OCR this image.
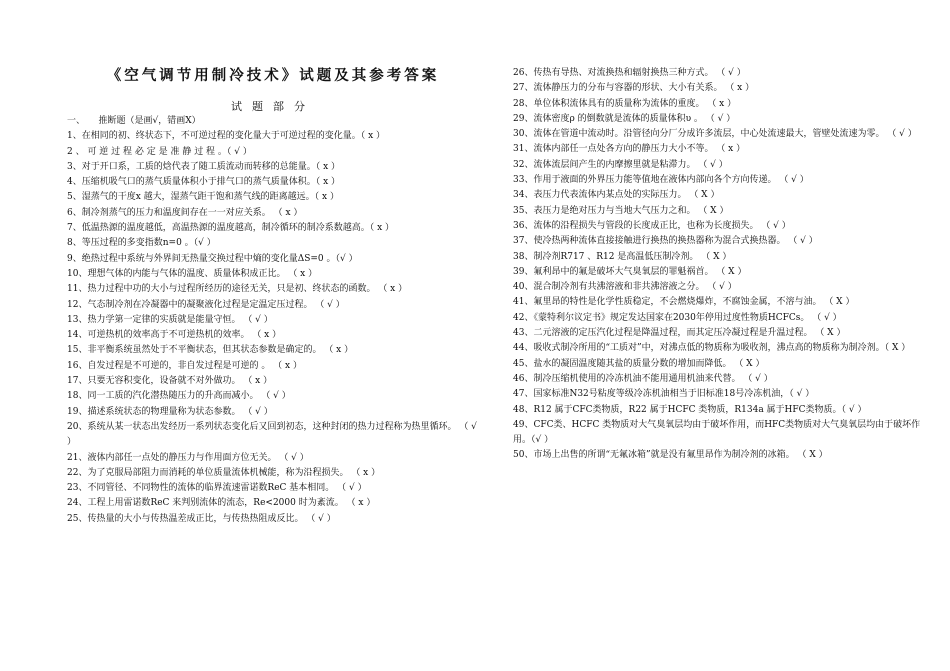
《空气调节用制冷技术》试题及其参考答案
试题部分
一、　　推断题（是画√，错画X）
1、在相同的初、终状态下，不可逆过程的变化量大于可逆过程的变化量。（ x ）
2 、 可 逆 过 程 必 定 是 准 静 过 程 。（ √ ）
3、对于开口系，工质的焓代表了随工质流动而转移的总能量。（ x ）
4、压缩机吸气口的蒸气质量体积小于排气口的蒸气质量体积。（ x ）
5、湿蒸气的干度x 越大，湿蒸气距干饱和蒸气线的距离越远。（ x ）
6、制冷剂蒸气的压力和温度间存在一一对应关系。 （ x ）
7、低温热源的温度越低，高温热源的温度越高，制冷循环的制冷系数越高。（ x ）
8、等压过程的多变指数n=0 。（√ ）
9、绝热过程中系统与外界间无热量交换过程中熵的变化量ΔS=0 。（√ ）
10、理想气体的内能与气体的温度、质量体积成正比。 （ x ）
11、热力过程中功的大小与过程所经历的途径无关，只是初、终状态的函数。 （ x ）
12、气态制冷剂在冷凝器中的凝聚液化过程是定温定压过程。 （ √ ）
13、热力学第一定律的实质就是能量守恒。 （ √ ）
14、可逆热机的效率高于不可逆热机的效率。 （ x ）
15、非平衡系统虽然处于不平衡状态，但其状态参数是确定的。 （ x ）
16、自发过程是不可逆的，非自发过程是可逆的 。 （ x ）
17、只要无容积变化，设备就不对外做功。 （ x ）
18、同一工质的汽化潜热随压力的升高而减小。 （ √ ）
19、描述系统状态的物理量称为状态参数。 （ √ ）
20、系统从某一状态出发经历一系列状态变化后又回到初态，这种封闭的热力过程称为热里循环。 （ √ ）
21、液体内部任一点处的静压力与作用面方位无关。 （ √ ）
22、为了克服局部阻力而消耗的单位质量流体机械能，称为沿程损失。 （ x ）
23、不同管径、不同物性的流体的临界流速雷诺数ReC 基本相同。 （ √ ）
24、工程上用雷诺数ReC 来判别流体的流态，Re<2000 时为紊流。 （ x ）
25、传热量的大小与传热温差成正比，与传热热阻成反比。 （ √ ）
26、传热有导热、对流换热和辐射换热三种方式。 （ √ ）
27、流体静压力的分布与容器的形状、大小有关系。 （ x ）
28、单位体积流体具有的质量称为流体的重度。 （ x ）
29、流体密度ρ 的倒数就是流体的质量体积υ 。 （ √ ）
30、流体在管道中流动时。沿管径向分厂分成许多流层，中心处流速最大，管壁处流速为零。 （ √ ）
31、流体内部任一点处各方向的静压力大小不等。 （ x ）
32、流体流层间产生的内摩擦里就是粘滞力。 （ √ ）
33、作用于液面的外界压力能等值地在液体内部向各个方向传递。 （ √ ）
34、表压力代表流体内某点处的实际压力。 （ X ）
35、表压力是绝对压力与当地大气压力之和。 （ X ）
36、流体的沿程损失与管段的长度成正比，也称为长度损失。 （ √ ）
37、使冷热两种流体直接接触进行换热的换热器称为混合式换热器。 （ √ ）
38、制冷剂R717 、R12 是高温低压制冷剂。 （ X ）
39、氟利昂中的氟是破坏大气臭氧层的罪魁祸首。 （ X ）
40、混合制冷剂有共沸溶液和非共沸溶液之分。 （ √ ）
41、氟里昂的特性是化学性质稳定，不会燃烧爆炸，不腐蚀金属，不溶与油。 （ X ）
42、《蒙特利尔议定书》规定发达国家在2030年停用过度性物质HCFCs。 （ √ ）
43、二元溶液的定压汽化过程是降温过程，而其定压冷凝过程是升温过程。 （ X ）
44、吸收式制冷所用的“工质对”中，对沸点低的物质称为吸收剂，沸点高的物质称为制冷剂。（ X ）
45、盐水的凝固温度随其盐的质量分数的增加而降低。 （ X ）
46、制冷压缩机使用的冷冻机油不能用通用机油来代替。 （ √ ）
47、国家标准N32号粘度等级冷冻机油相当于旧标准18号冷冻机油，（ √ ）
48、R12 属于CFC类物质，R22 属于HCFC 类物质，R134a 属于HFC类物质。（ √ ）
49、CFC类、HCFC 类物质对大气臭氧层均由于破坏作用，而HFC类物质对大气臭氧层均由于破坏作用。（√ ）
50、市场上出售的所谓“无氟冰箱”就是没有氟里昂作为制冷剂的冰箱。 （ X ）
